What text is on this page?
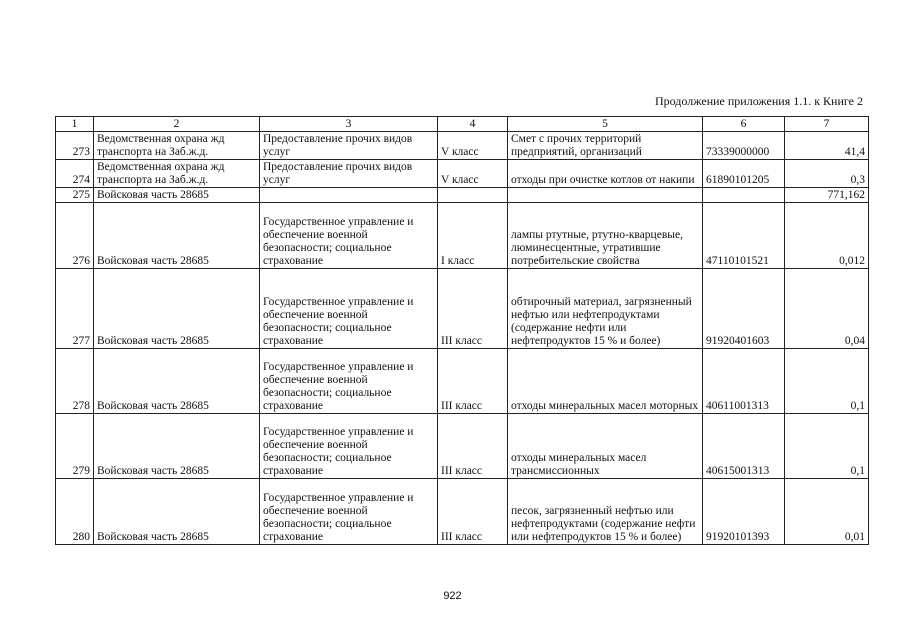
Продолжение приложения 1.1. к Книге 2
1	2	3	4	5	6	7
273	Ведомственная охрана жд транспорта на Заб.ж.д.	Предоставление прочих видов услуг	V класс	Смет с прочих территорий предприятий, организаций	73339000000	41,4
274	Ведомственная охрана жд транспорта на Заб.ж.д.	Предоставление прочих видов услуг	V класс	отходы при очистке котлов от накипи	61890101205	0,3
275	Войсковая часть 28685					771,162
276	Войсковая часть 28685	Государственное управление и обеспечение военной безопасности; социальное страхование	I класс	лампы ртутные, ртутно-кварцевые, люминесцентные, утратившие потребительские свойства	47110101521	0,012
277	Войсковая часть 28685	Государственное управление и обеспечение военной безопасности; социальное страхование	III класс	обтирочный материал, загрязненный нефтью или нефтепродуктами (содержание нефти или нефтепродуктов 15 % и более)	91920401603	0,04
278	Войсковая часть 28685	Государственное управление и обеспечение военной безопасности; социальное страхование	III класс	отходы минеральных масел моторных	40611001313	0,1
279	Войсковая часть 28685	Государственное управление и обеспечение военной безопасности; социальное страхование	III класс	отходы минеральных масел трансмиссионных	40615001313	0,1
280	Войсковая часть 28685	Государственное управление и обеспечение военной безопасности; социальное страхование	III класс	песок, загрязненный нефтью или нефтепродуктами (содержание нефти или нефтепродуктов 15 % и более)	91920101393	0,01
922
